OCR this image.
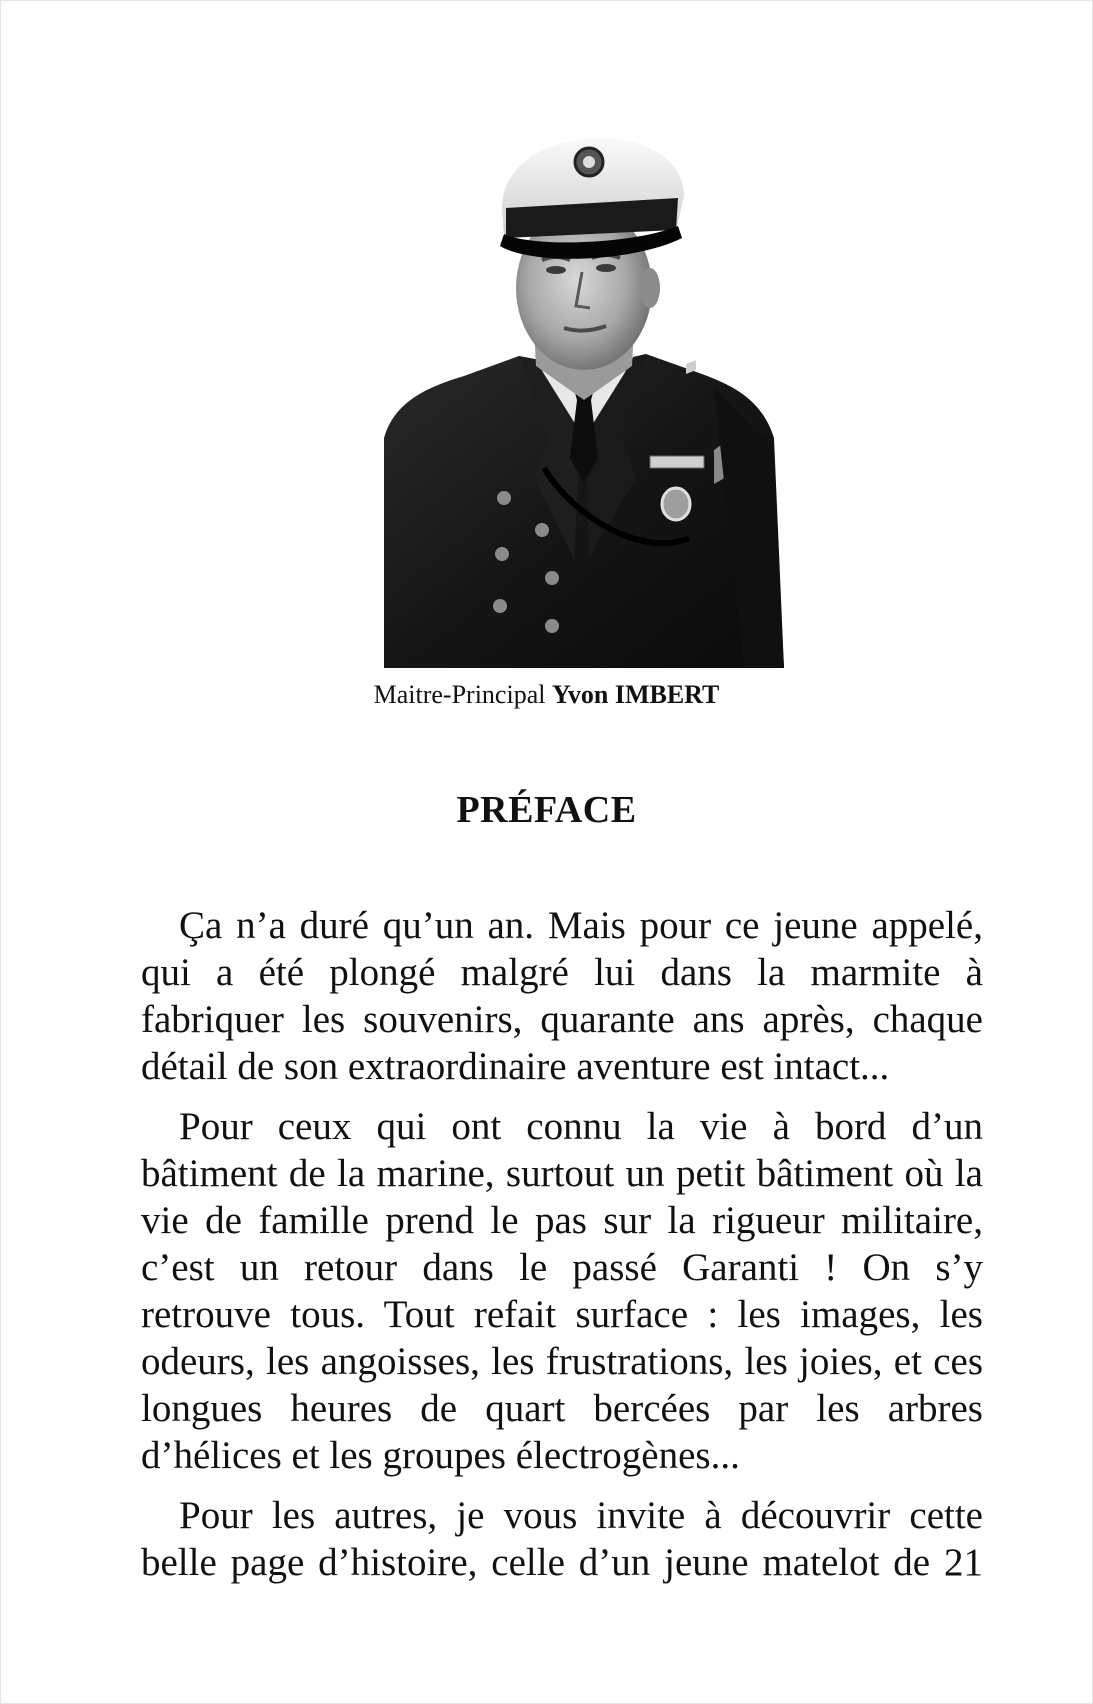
Maitre-Principal Yvon IMBERT
PRÉFACE

Ça n’a duré qu’un an. Mais pour ce jeune appelé, qui a été plongé malgré lui dans la marmite à fabriquer les souvenirs, quarante ans après, chaque détail de son extraordinaire aventure est intact...

Pour ceux qui ont connu la vie à bord d’un bâtiment de la marine, surtout un petit bâtiment où la vie de famille prend le pas sur la rigueur militaire, c’est un retour dans le passé Garanti ! On s’y retrouve tous. Tout refait surface : les images, les odeurs, les angoisses, les frustrations, les joies, et ces longues heures de quart bercées par les arbres d’hélices et les groupes électrogènes...

Pour les autres, je vous invite à découvrir cette belle page d’histoire, celle d’un jeune matelot de 21
